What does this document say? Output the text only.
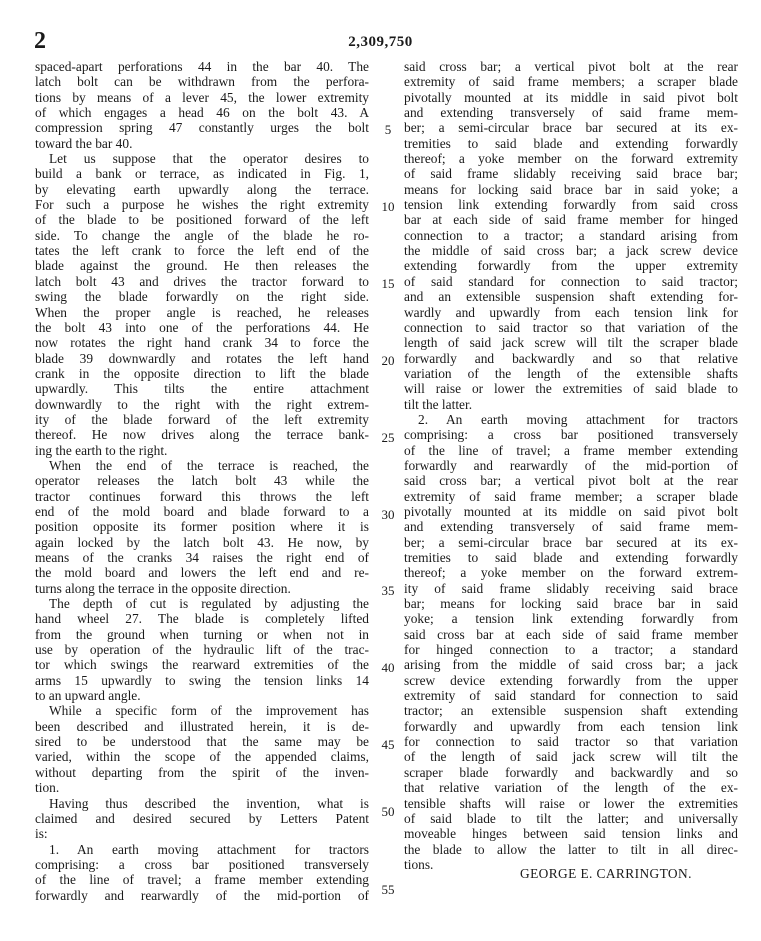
2	2,309,750
spaced-apart perforations 44 in the bar 40. The
latch bolt can be withdrawn from the perfora-
tions by means of a lever 45, the lower extremity
of which engages a head 46 on the bolt 43. A
compression spring 47 constantly urges the bolt
toward the bar 40.
Let us suppose that the operator desires to
build a bank or terrace, as indicated in Fig. 1,
by elevating earth upwardly along the terrace.
For such a purpose he wishes the right extremity
of the blade to be positioned forward of the left
side. To change the angle of the blade he ro-
tates the left crank to force the left end of the
blade against the ground. He then releases the
latch bolt 43 and drives the tractor forward to
swing the blade forwardly on the right side.
When the proper angle is reached, he releases
the bolt 43 into one of the perforations 44. He
now rotates the right hand crank 34 to force the
blade 39 downwardly and rotates the left hand
crank in the opposite direction to lift the blade
upwardly. This tilts the entire attachment
downwardly to the right with the right extrem-
ity of the blade forward of the left extremity
thereof. He now drives along the terrace bank-
ing the earth to the right.
When the end of the terrace is reached, the
operator releases the latch bolt 43 while the
tractor continues forward this throws the left
end of the mold board and blade forward to a
position opposite its former position where it is
again locked by the latch bolt 43. He now, by
means of the cranks 34 raises the right end of
the mold board and lowers the left end and re-
turns along the terrace in the opposite direction.
The depth of cut is regulated by adjusting the
hand wheel 27. The blade is completely lifted
from the ground when turning or when not in
use by operation of the hydraulic lift of the trac-
tor which swings the rearward extremities of the
arms 15 upwardly to swing the tension links 14
to an upward angle.
While a specific form of the improvement has
been described and illustrated herein, it is de-
sired to be understood that the same may be
varied, within the scope of the appended claims,
without departing from the spirit of the inven-
tion.
Having thus described the invention, what is
claimed and desired secured by Letters Patent
is:
1. An earth moving attachment for tractors
comprising: a cross bar positioned transversely
of the line of travel; a frame member extending
forwardly and rearwardly of the mid-portion of
said cross bar; a vertical pivot bolt at the rear
extremity of said frame members; a scraper blade
pivotally mounted at its middle in said pivot bolt
and extending transversely of said frame mem-
ber; a semi-circular brace bar secured at its ex-
tremities to said blade and extending forwardly
thereof; a yoke member on the forward extremity
of said frame slidably receiving said brace bar;
means for locking said brace bar in said yoke; a
tension link extending forwardly from said cross
bar at each side of said frame member for hinged
connection to a tractor; a standard arising from
the middle of said cross bar; a jack screw device
extending forwardly from the upper extremity
of said standard for connection to said tractor;
and an extensible suspension shaft extending for-
wardly and upwardly from each tension link for
connection to said tractor so that variation of the
length of said jack screw will tilt the scraper blade
forwardly and backwardly and so that relative
variation of the length of the extensible shafts
will raise or lower the extremities of said blade to
tilt the latter.
2. An earth moving attachment for tractors
comprising: a cross bar positioned transversely
of the line of travel; a frame member extending
forwardly and rearwardly of the mid-portion of
said cross bar; a vertical pivot bolt at the rear
extremity of said frame member; a scraper blade
pivotally mounted at its middle on said pivot bolt
and extending transversely of said frame mem-
ber; a semi-circular brace bar secured at its ex-
tremities to said blade and extending forwardly
thereof; a yoke member on the forward extrem-
ity of said frame slidably receiving said brace
bar; means for locking said brace bar in said
yoke; a tension link extending forwardly from
said cross bar at each side of said frame member
for hinged connection to a tractor; a standard
arising from the middle of said cross bar; a jack
screw device extending forwardly from the upper
extremity of said standard for connection to said
tractor; an extensible suspension shaft extending
forwardly and upwardly from each tension link
for connection to said tractor so that variation
of the length of said jack screw will tilt the
scraper blade forwardly and backwardly and so
that relative variation of the length of the ex-
tensible shafts will raise or lower the extremities
of said blade to tilt the latter; and universally
moveable hinges between said tension links and
the blade to allow the latter to tilt in all direc-
tions.
5
10
15
20
25
30
35
40
45
50
55
GEORGE E. CARRINGTON.
